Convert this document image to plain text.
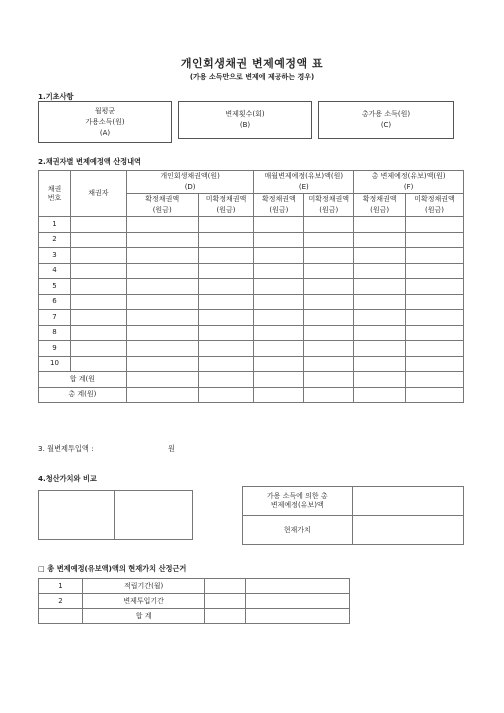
개인회생채권 변제예정액 표
(가용 소득만으로 변제에 제공하는 경우)
1.기초사항
월평균
가용소득(원)
(A)
변제횟수(회)
(B)
총가용 소득(원)
(C)
2.채권자별 변제예정액 산정내역
채권
번호	채권자	개인회생채권액(원)		매월변제예정(유보)액(원)		총 변제예정(유보)액(원)	
		(D)		(E)		(F)	
		확정채권액	미확정채권액	확정채권액	미확정채권액	확정채권액	미확정채권액
		(원금)	(원금)	(원금)	(원금)	(원금)	(원금)
1							
2							
3							
4							
5							
6							
7							
8							
9							
10							
합 계(원							
총 계(원)							
3. 월변제투입액 :	원
4.청산가치와 비교

가용 소득에 의한 총
변제예정(유보)액	

현재가치	
□ 총 변제예정(유보액)액의 현재가치 산정근거
1	적립기간(월)		
2	변제투입기간		
	합 계		
